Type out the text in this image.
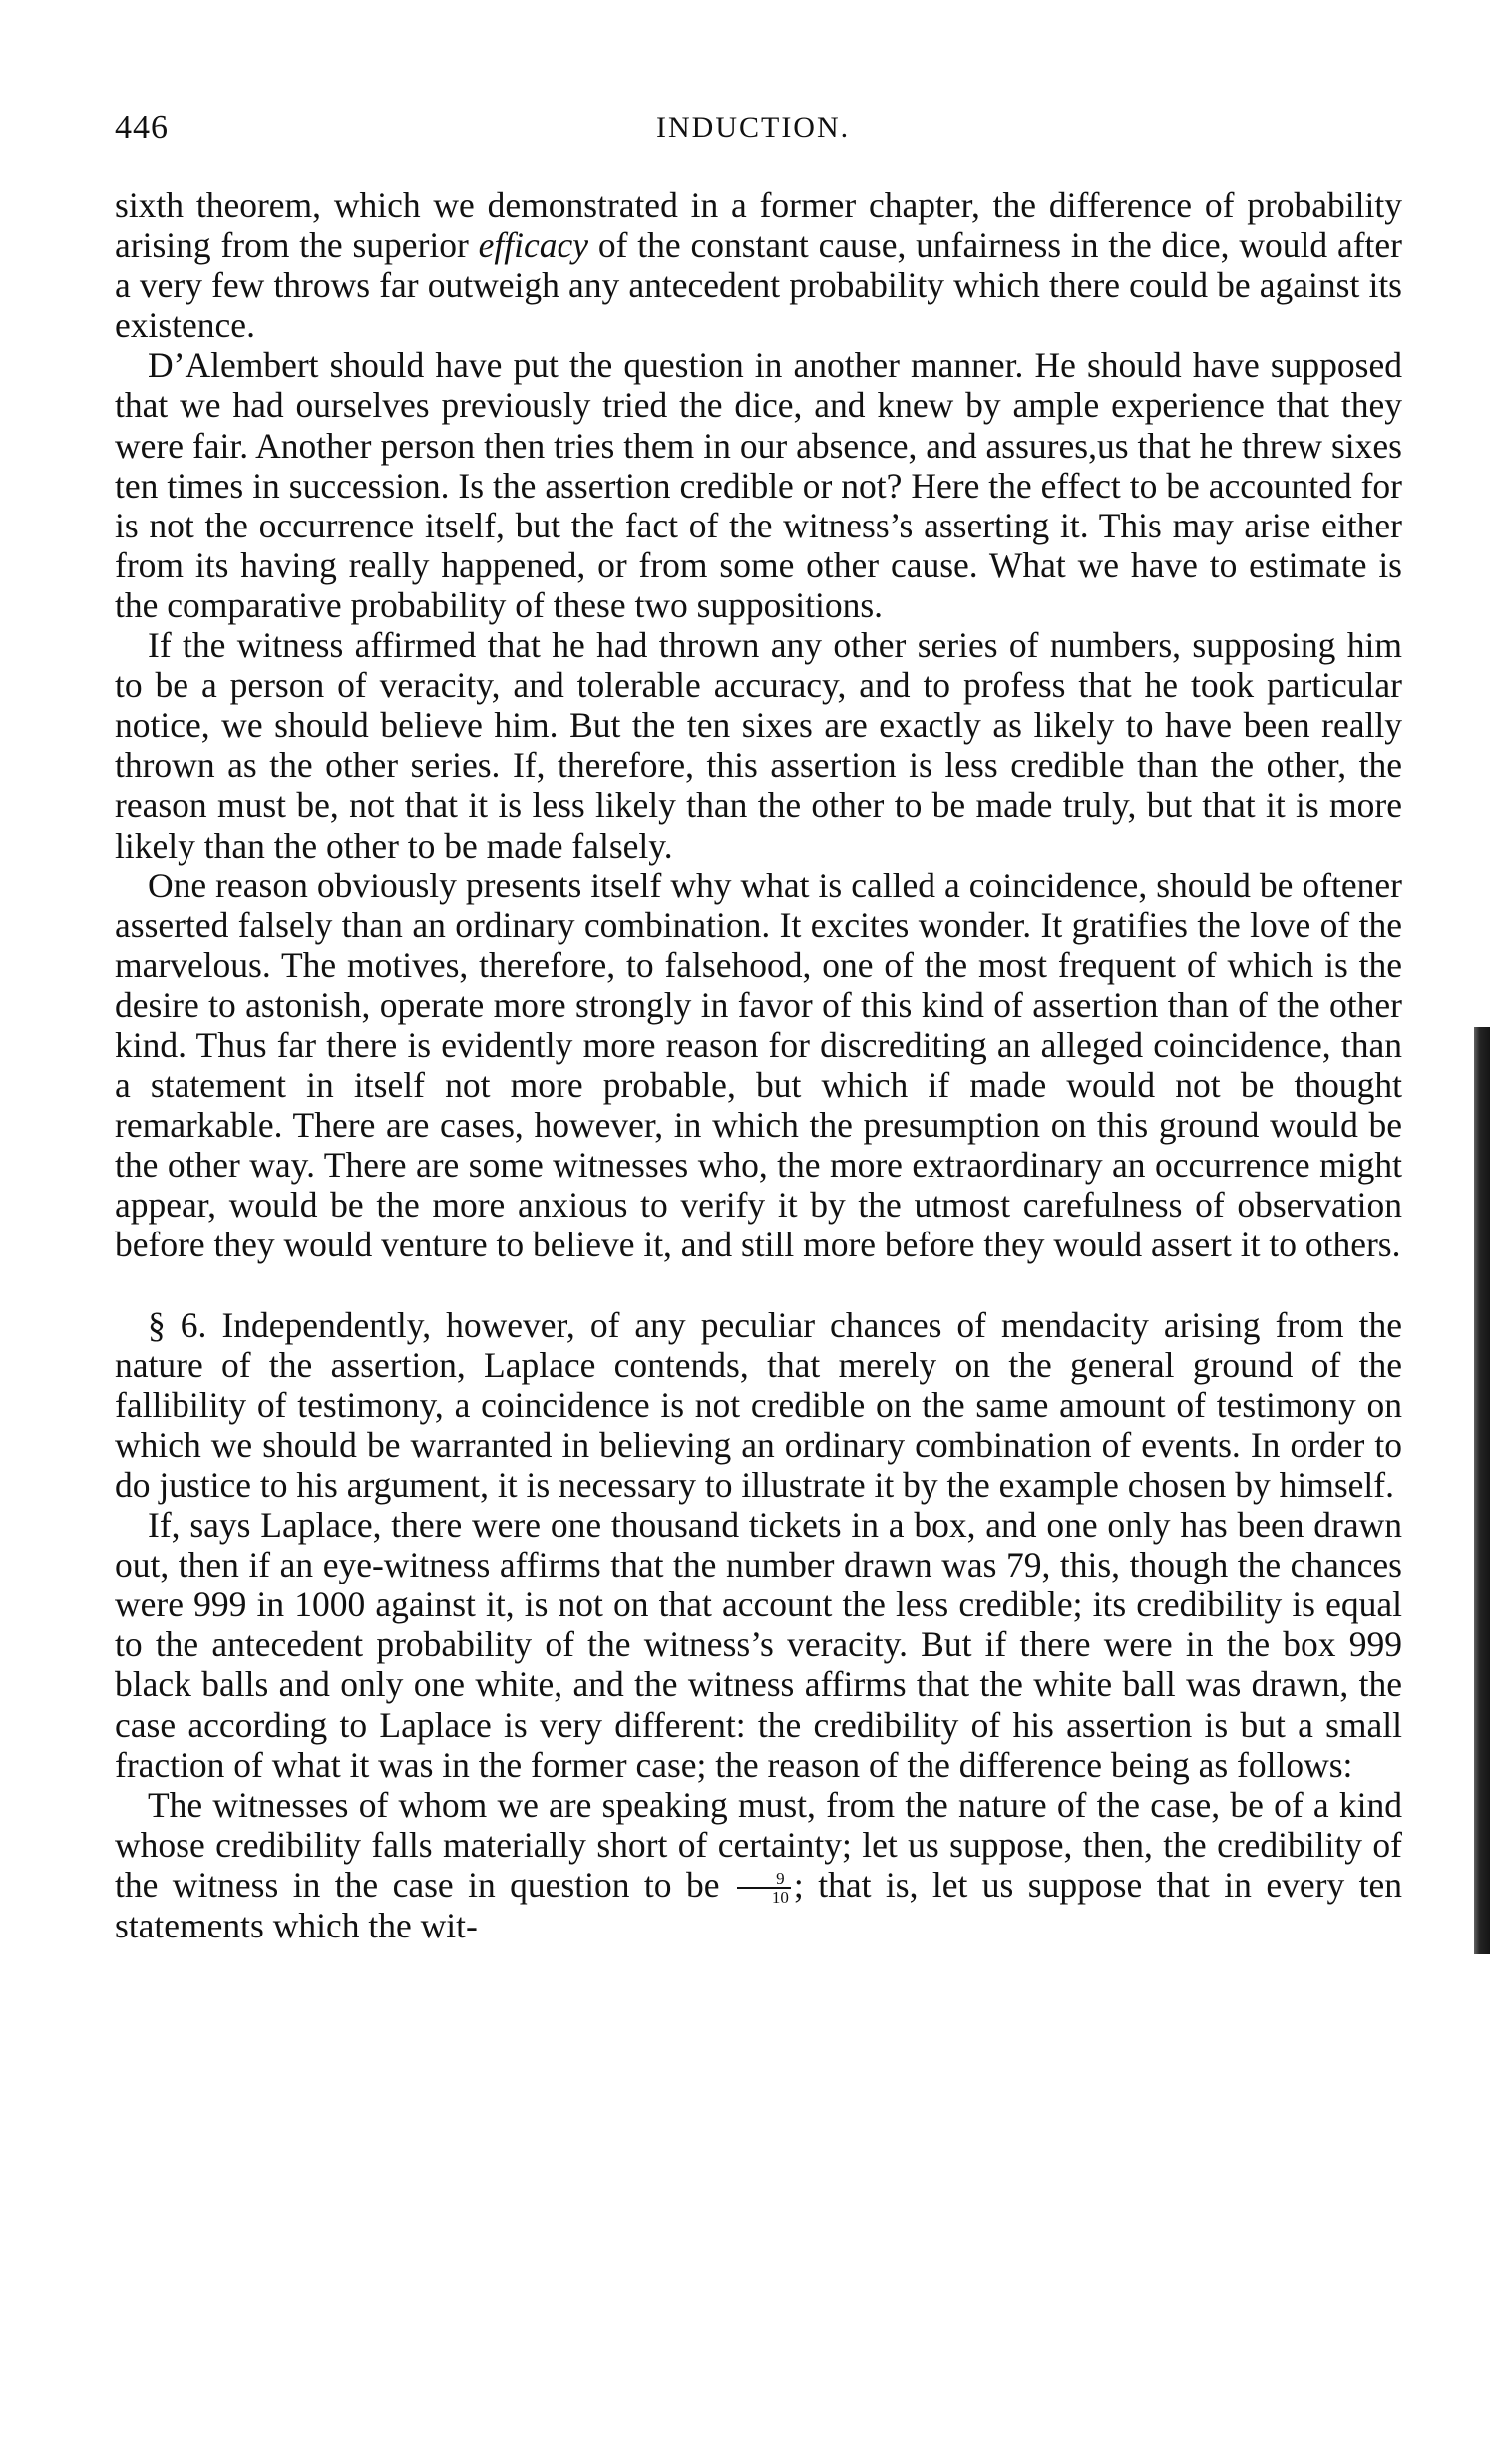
446	INDUCTION.

sixth theorem, which we demonstrated in a former chapter, the difference of probability arising from the superior efficacy of the constant cause, unfairness in the dice, would after a very few throws far outweigh any antecedent probability which there could be against its existence.

D’Alembert should have put the question in another manner. He should have supposed that we had ourselves previously tried the dice, and knew by ample experience that they were fair. Another person then tries them in our absence, and assures,us that he threw sixes ten times in succession. Is the assertion credible or not? Here the effect to be accounted for is not the occurrence itself, but the fact of the witness’s asserting it. This may arise either from its having really happened, or from some other cause. What we have to estimate is the comparative probability of these two suppositions.

If the witness affirmed that he had thrown any other series of numbers, supposing him to be a person of veracity, and tolerable accuracy, and to profess that he took particular notice, we should believe him. But the ten sixes are exactly as likely to have been really thrown as the other series. If, therefore, this assertion is less credible than the other, the reason must be, not that it is less likely than the other to be made truly, but that it is more likely than the other to be made falsely.

One reason obviously presents itself why what is called a coincidence, should be oftener asserted falsely than an ordinary combination. It excites wonder. It gratifies the love of the marvelous. The motives, therefore, to falsehood, one of the most frequent of which is the desire to astonish, operate more strongly in favor of this kind of assertion than of the other kind. Thus far there is evidently more reason for discrediting an alleged coincidence, than a statement in itself not more probable, but which if made would not be thought remarkable. There are cases, however, in which the presumption on this ground would be the other way. There are some witnesses who, the more extraordinary an occurrence might appear, would be the more anxious to verify it by the utmost carefulness of observation before they would venture to believe it, and still more before they would assert it to others.

§ 6. Independently, however, of any peculiar chances of mendacity arising from the nature of the assertion, Laplace contends, that merely on the general ground of the fallibility of testimony, a coincidence is not credible on the same amount of testimony on which we should be warranted in believing an ordinary combination of events. In order to do justice to his argument, it is necessary to illustrate it by the example chosen by himself.

If, says Laplace, there were one thousand tickets in a box, and one only has been drawn out, then if an eye-witness affirms that the number drawn was 79, this, though the chances were 999 in 1000 against it, is not on that account the less credible; its credibility is equal to the antecedent probability of the witness’s veracity. But if there were in the box 999 black balls and only one white, and the witness affirms that the white ball was drawn, the case according to Laplace is very different: the credibility of his assertion is but a small fraction of what it was in the former case; the reason of the difference being as follows:

The witnesses of whom we are speaking must, from the nature of the case, be of a kind whose credibility falls materially short of certainty; let us suppose, then, the credibility of the witness in the case in question to be $\frac{9}{10}$ ; that is, let us suppose that in every ten statements which the wit-
